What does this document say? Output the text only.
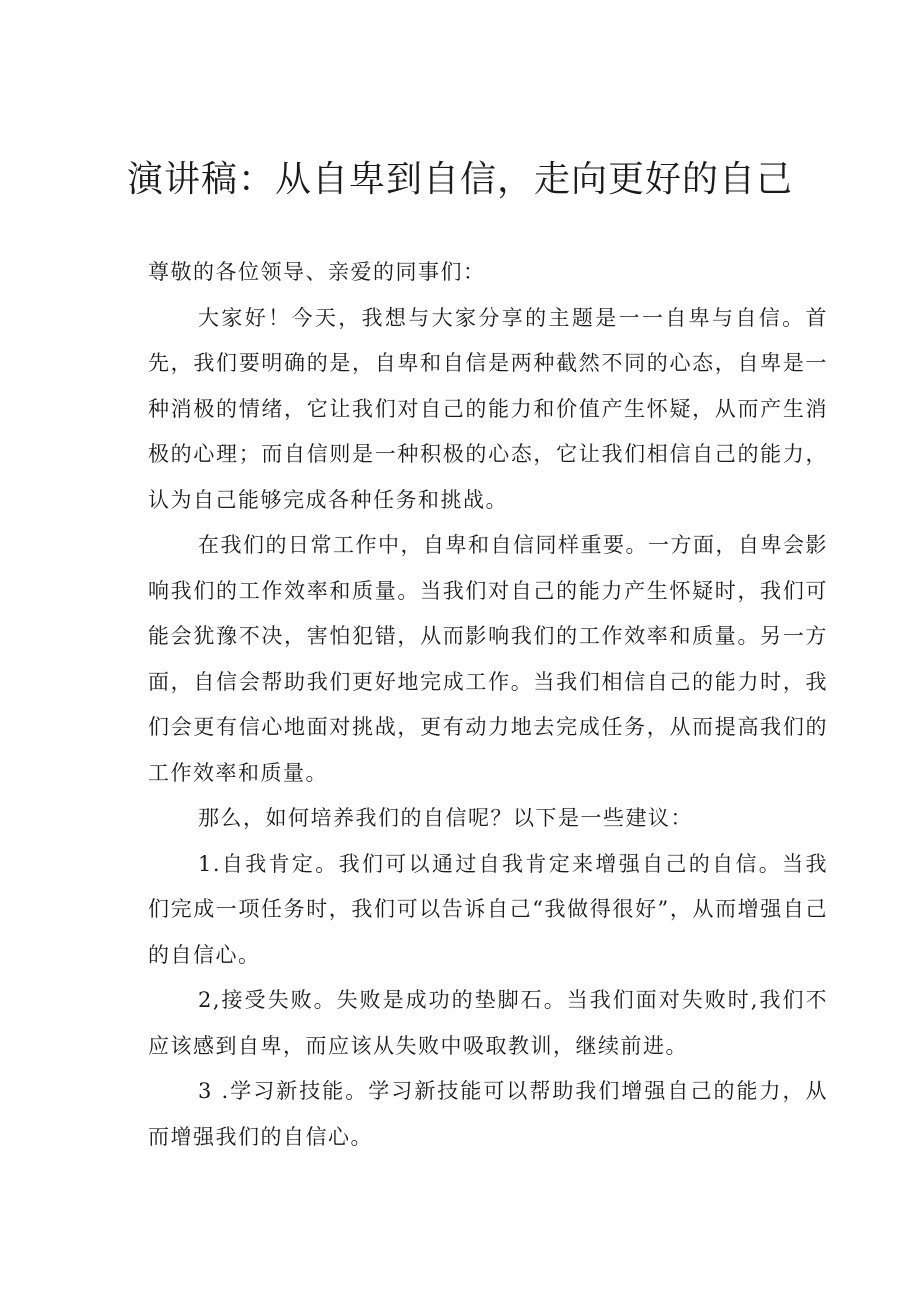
演讲稿：从自卑到自信，走向更好的自己

尊敬的各位领导、亲爱的同事们：

大家好！今天，我想与大家分享的主题是一一自卑与自信。首先，我们要明确的是，自卑和自信是两种截然不同的心态，自卑是一种消极的情绪，它让我们对自己的能力和价值产生怀疑，从而产生消极的心理；而自信则是一种积极的心态，它让我们相信自己的能力，认为自己能够完成各种任务和挑战。

在我们的日常工作中，自卑和自信同样重要。一方面，自卑会影响我们的工作效率和质量。当我们对自己的能力产生怀疑时，我们可能会犹豫不决，害怕犯错，从而影响我们的工作效率和质量。另一方面，自信会帮助我们更好地完成工作。当我们相信自己的能力时，我们会更有信心地面对挑战，更有动力地去完成任务，从而提高我们的工作效率和质量。

那么，如何培养我们的自信呢？以下是一些建议：

1.自我肯定。我们可以通过自我肯定来增强自己的自信。当我们完成一项任务时，我们可以告诉自己“我做得很好”，从而增强自己的自信心。

2,接受失败。失败是成功的垫脚石。当我们面对失败时,我们不应该感到自卑，而应该从失败中吸取教训，继续前进。

3 .学习新技能。学习新技能可以帮助我们增强自己的能力，从而增强我们的自信心。
